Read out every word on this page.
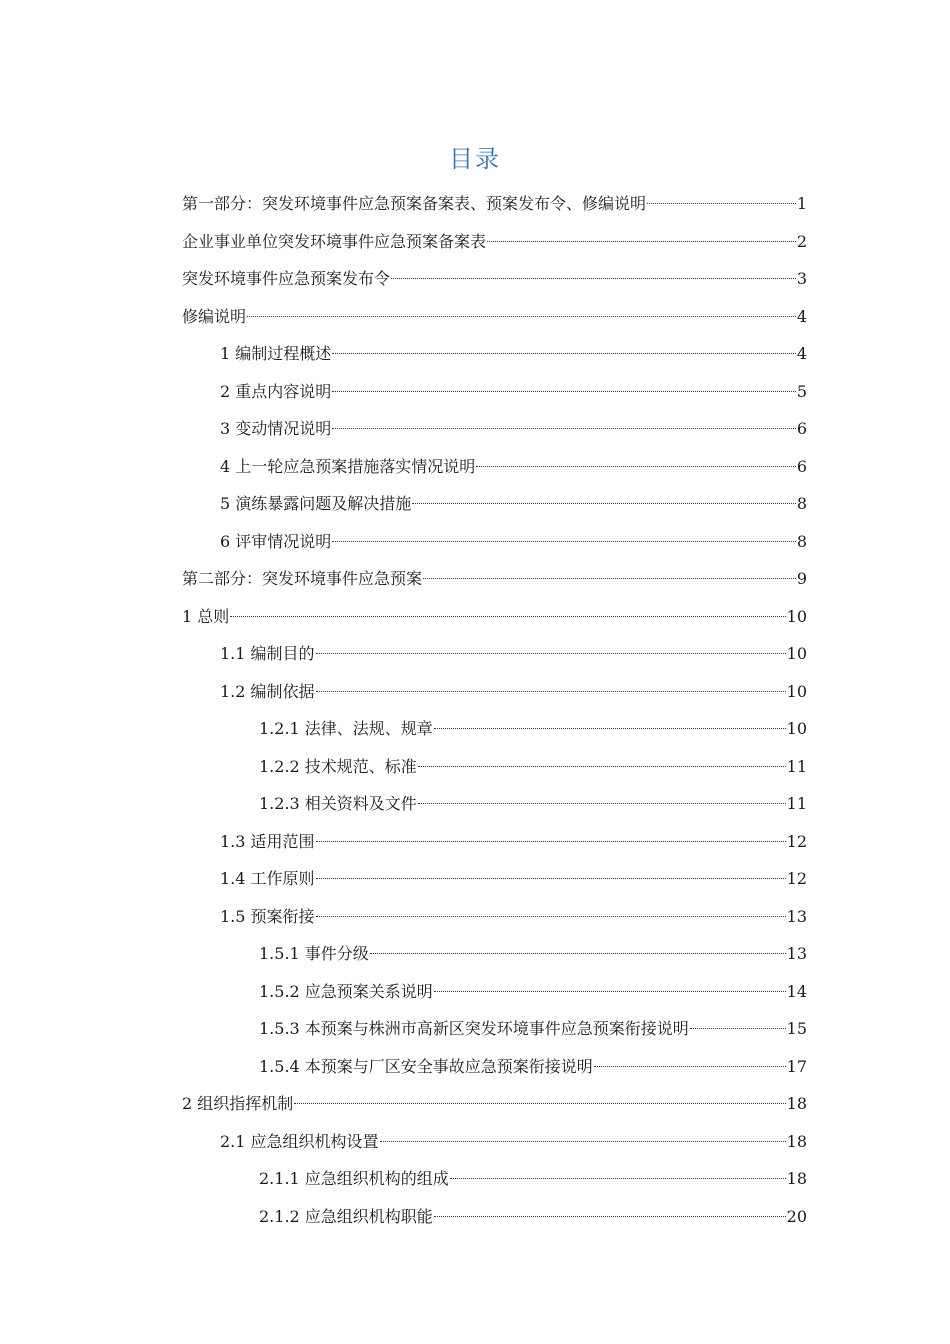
目录
第一部分：突发环境事件应急预案备案表、预案发布令、修编说明	1
企业事业单位突发环境事件应急预案备案表	2
突发环境事件应急预案发布令	3
修编说明	4
1 编制过程概述	4
2 重点内容说明	5
3 变动情况说明	6
4 上一轮应急预案措施落实情况说明	6
5 演练暴露问题及解决措施	8
6 评审情况说明	8
第二部分：突发环境事件应急预案	9
1 总则	10
1.1 编制目的	10
1.2 编制依据	10
1.2.1 法律、法规、规章	10
1.2.2 技术规范、标准	11
1.2.3 相关资料及文件	11
1.3 适用范围	12
1.4 工作原则	12
1.5 预案衔接	13
1.5.1 事件分级	13
1.5.2 应急预案关系说明	14
1.5.3 本预案与株洲市高新区突发环境事件应急预案衔接说明	15
1.5.4 本预案与厂区安全事故应急预案衔接说明	17
2 组织指挥机制	18
2.1 应急组织机构设置	18
2.1.1 应急组织机构的组成	18
2.1.2 应急组织机构职能	20
